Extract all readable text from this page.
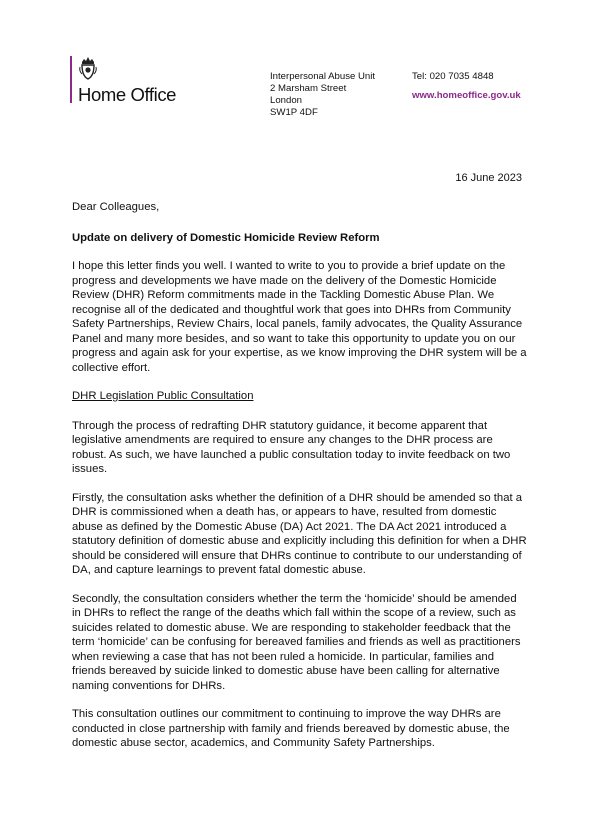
Home Office
Interpersonal Abuse Unit
2 Marsham Street
London
SW1P 4DF
Tel: 020 7035 4848
www.homeoffice.gov.uk
16 June 2023

Dear Colleagues,

Update on delivery of Domestic Homicide Review Reform

I hope this letter finds you well. I wanted to write to you to provide a brief update on the progress and developments we have made on the delivery of the Domestic Homicide Review (DHR) Reform commitments made in the Tackling Domestic Abuse Plan. We recognise all of the dedicated and thoughtful work that goes into DHRs from Community Safety Partnerships, Review Chairs, local panels, family advocates, the Quality Assurance Panel and many more besides, and so want to take this opportunity to update you on our progress and again ask for your expertise, as we know improving the DHR system will be a collective effort.

DHR Legislation Public Consultation

Through the process of redrafting DHR statutory guidance, it become apparent that legislative amendments are required to ensure any changes to the DHR process are robust. As such, we have launched a public consultation today to invite feedback on two issues.

Firstly, the consultation asks whether the definition of a DHR should be amended so that a DHR is commissioned when a death has, or appears to have, resulted from domestic abuse as defined by the Domestic Abuse (DA) Act 2021. The DA Act 2021 introduced a statutory definition of domestic abuse and explicitly including this definition for when a DHR should be considered will ensure that DHRs continue to contribute to our understanding of DA, and capture learnings to prevent fatal domestic abuse.

Secondly, the consultation considers whether the term the ‘homicide’ should be amended in DHRs to reflect the range of the deaths which fall within the scope of a review, such as suicides related to domestic abuse. We are responding to stakeholder feedback that the term ‘homicide’ can be confusing for bereaved families and friends as well as practitioners when reviewing a case that has not been ruled a homicide. In particular, families and friends bereaved by suicide linked to domestic abuse have been calling for alternative naming conventions for DHRs.

This consultation outlines our commitment to continuing to improve the way DHRs are conducted in close partnership with family and friends bereaved by domestic abuse, the domestic abuse sector, academics, and Community Safety Partnerships.
